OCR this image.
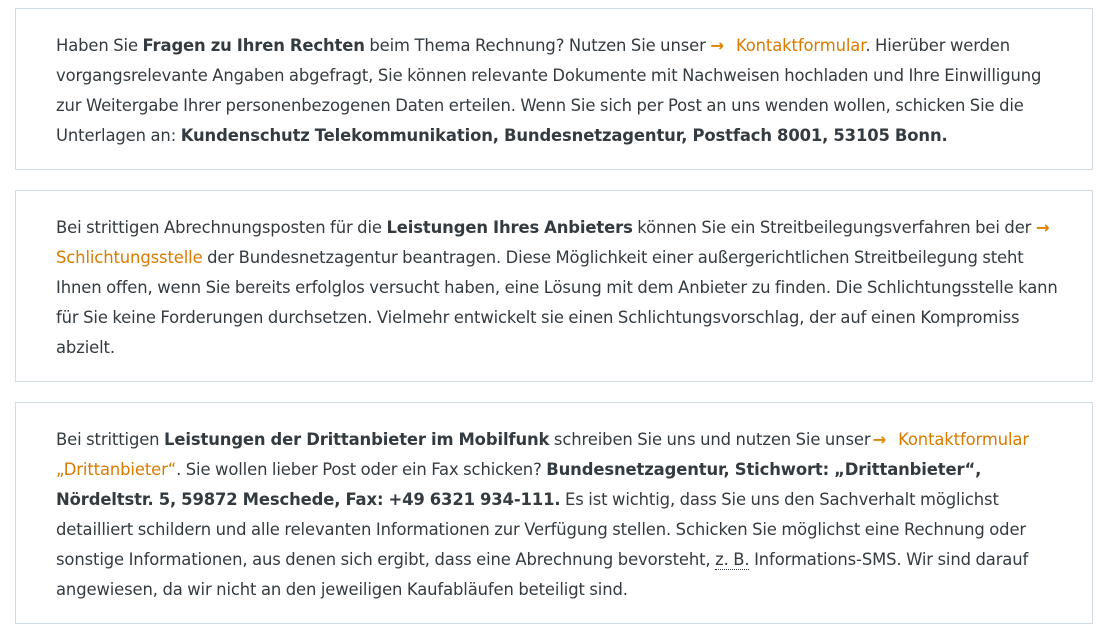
Haben Sie Fragen zu Ihren Rechten beim Thema Rechnung? Nutzen Sie unser → Kontaktformular. Hierüber werden vorgangsrelevante Angaben abgefragt, Sie können relevante Dokumente mit Nachweisen hochladen und Ihre Einwilligung zur Weitergabe Ihrer personenbezogenen Daten erteilen. Wenn Sie sich per Post an uns wenden wollen, schicken Sie die Unterlagen an: Kundenschutz Telekommunikation, Bundesnetzagentur, Postfach 8001, 53105 Bonn.

Bei strittigen Abrechnungsposten für die Leistungen Ihres Anbieters können Sie ein Streitbeilegungsverfahren bei der →Schlichtungsstelle der Bundesnetzagentur beantragen. Diese Möglichkeit einer außergerichtlichen Streitbeilegung steht Ihnen offen, wenn Sie bereits erfolglos versucht haben, eine Lösung mit dem Anbieter zu finden. Die Schlichtungsstelle kann für Sie keine Forderungen durchsetzen. Vielmehr entwickelt sie einen Schlichtungsvorschlag, der auf einen Kompromiss abzielt.

Bei strittigen Leistungen der Drittanbieter im Mobilfunk schreiben Sie uns und nutzen Sie unser → Kontaktformular „Drittanbieter“. Sie wollen lieber Post oder ein Fax schicken? Bundesnetzagentur, Stichwort: „Drittanbieter“, Nördeltstr. 5, 59872 Meschede, Fax: +49 6321 934-111. Es ist wichtig, dass Sie uns den Sachverhalt möglichst detailliert schildern und alle relevanten Informationen zur Verfügung stellen. Schicken Sie möglichst eine Rechnung oder sonstige Informationen, aus denen sich ergibt, dass eine Abrechnung bevorsteht, z. B. Informations-SMS. Wir sind darauf angewiesen, da wir nicht an den jeweiligen Kaufabläufen beteiligt sind.
